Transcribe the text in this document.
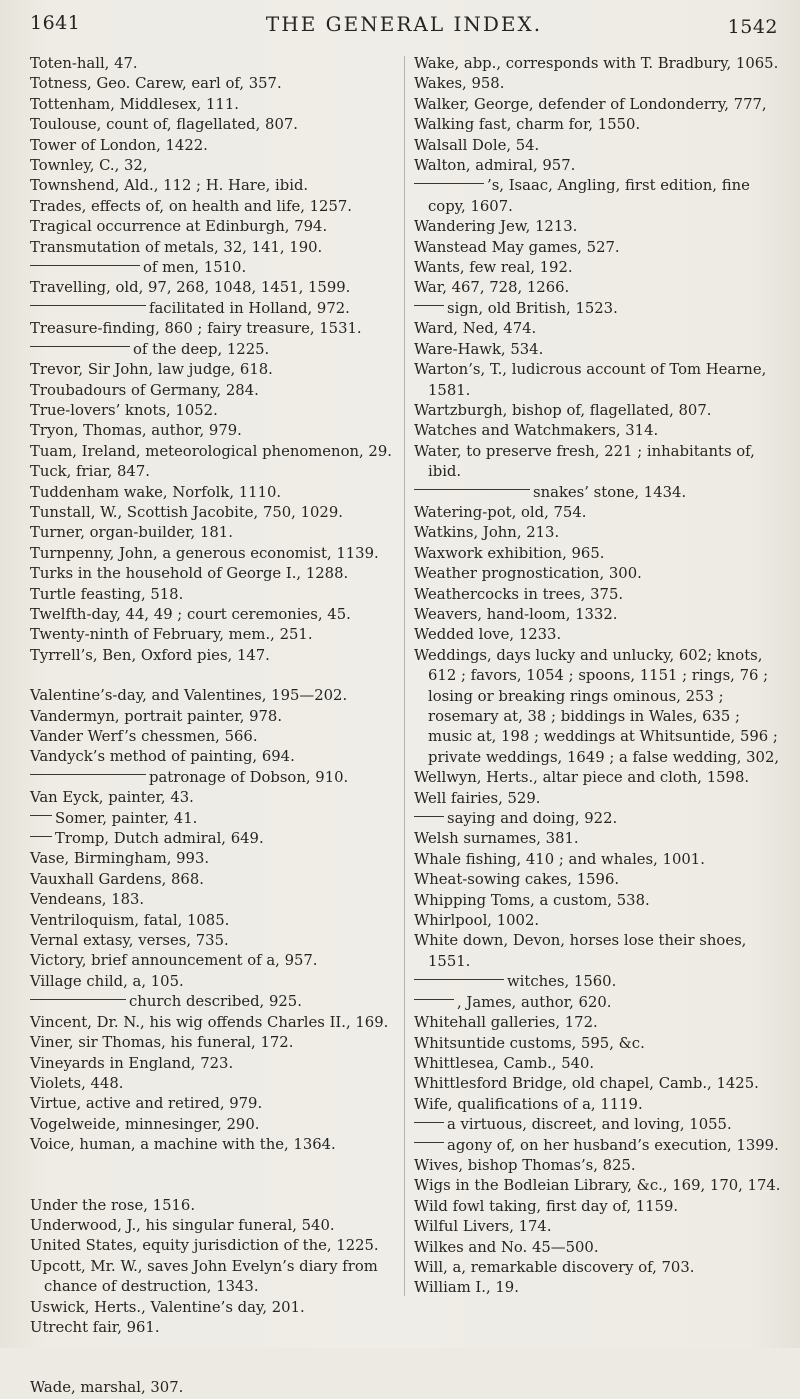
1641	THE GENERAL INDEX.	1542
Toten-hall, 47.
Totness, Geo. Carew, earl of, 357.
Tottenham, Middlesex, 111.
Toulouse, count of, flagellated, 807.
Tower of London, 1422.
Townley, C., 32,
Townshend, Ald., 112 ; H. Hare, ibid.
Trades, effects of, on health and life, 1257.
Tragical occurrence at Edinburgh, 794.
Transmutation of metals, 32, 141, 190.
of men, 1510.
Travelling, old, 97, 268, 1048, 1451, 1599.
facilitated in Holland, 972.
Treasure-finding, 860 ; fairy treasure, 1531.
of the deep, 1225.
Trevor, Sir John, law judge, 618.
Troubadours of Germany, 284.
True-lovers’ knots, 1052.
Tryon, Thomas, author, 979.
Tuam, Ireland, meteorological phenomenon, 29.
Tuck, friar, 847.
Tuddenham wake, Norfolk, 1110.
Tunstall, W., Scottish Jacobite, 750, 1029.
Turner, organ-builder, 181.
Turnpenny, John, a generous economist, 1139.
Turks in the household of George I., 1288.
Turtle feasting, 518.
Twelfth-day, 44, 49 ; court ceremonies, 45.
Twenty-ninth of February, mem., 251.
Tyrrell’s, Ben, Oxford pies, 147.
Valentine’s-day, and Valentines, 195—202.
Vandermyn, portrait painter, 978.
Vander Werf’s chessmen, 566.
Vandyck’s method of painting, 694.
patronage of Dobson, 910.
Van Eyck, painter, 43.
Somer, painter, 41.
Tromp, Dutch admiral, 649.
Vase, Birmingham, 993.
Vauxhall Gardens, 868.
Vendeans, 183.
Ventriloquism, fatal, 1085.
Vernal extasy, verses, 735.
Victory, brief announcement of a, 957.
Village child, a, 105.
church described, 925.
Vincent, Dr. N., his wig offends Charles II., 169.
Viner, sir Thomas, his funeral, 172.
Vineyards in England, 723.
Violets, 448.
Virtue, active and retired, 979.
Vogelweide, minnesinger, 290.
Voice, human, a machine with the, 1364.
Under the rose, 1516.
Underwood, J., his singular funeral, 540.
United States, equity jurisdiction of the, 1225.
Upcott, Mr. W., saves John Evelyn’s diary from chance of destruction, 1343.
Uswick, Herts., Valentine’s day, 201.
Utrecht fair, 961.
Wade, marshal, 307.
Wake, abp., corresponds with T. Bradbury, 1065.
Wakes, 958.
Walker, George, defender of Londonderry, 777,
Walking fast, charm for, 1550.
Walsall Dole, 54.
Walton, admiral, 957.
’s, Isaac, Angling, first edition, fine copy, 1607.
Wandering Jew, 1213.
Wanstead May games, 527.
Wants, few real, 192.
War, 467, 728, 1266.
sign, old British, 1523.
Ward, Ned, 474.
Ware-Hawk, 534.
Warton’s, T., ludicrous account of Tom Hearne, 1581.
Wartzburgh, bishop of, flagellated, 807.
Watches and Watchmakers, 314.
Water, to preserve fresh, 221 ; inhabitants of, ibid.
snakes’ stone, 1434.
Watering-pot, old, 754.
Watkins, John, 213.
Waxwork exhibition, 965.
Weather prognostication, 300.
Weathercocks in trees, 375.
Weavers, hand-loom, 1332.
Wedded love, 1233.
Weddings, days lucky and unlucky, 602; knots, 612 ; favors, 1054 ; spoons, 1151 ; rings, 76 ; losing or breaking rings ominous, 253 ; rosemary at, 38 ; biddings in Wales, 635 ; music at, 198 ; weddings at Whitsuntide, 596 ; private weddings, 1649 ; a false wedding, 302,
Wellwyn, Herts., altar piece and cloth, 1598.
Well fairies, 529.
saying and doing, 922.
Welsh surnames, 381.
Whale fishing, 410 ; and whales, 1001.
Wheat-sowing cakes, 1596.
Whipping Toms, a custom, 538.
Whirlpool, 1002.
White down, Devon, horses lose their shoes, 1551.
witches, 1560.
, James, author, 620.
Whitehall galleries, 172.
Whitsuntide customs, 595, &c.
Whittlesea, Camb., 540.
Whittlesford Bridge, old chapel, Camb., 1425.
Wife, qualifications of a, 1119.
a virtuous, discreet, and loving, 1055.
agony of, on her husband’s execution, 1399.
Wives, bishop Thomas’s, 825.
Wigs in the Bodleian Library, &c., 169, 170, 174.
Wild fowl taking, first day of, 1159.
Wilful Livers, 174.
Wilkes and No. 45—500.
Will, a, remarkable discovery of, 703.
William I., 19.
